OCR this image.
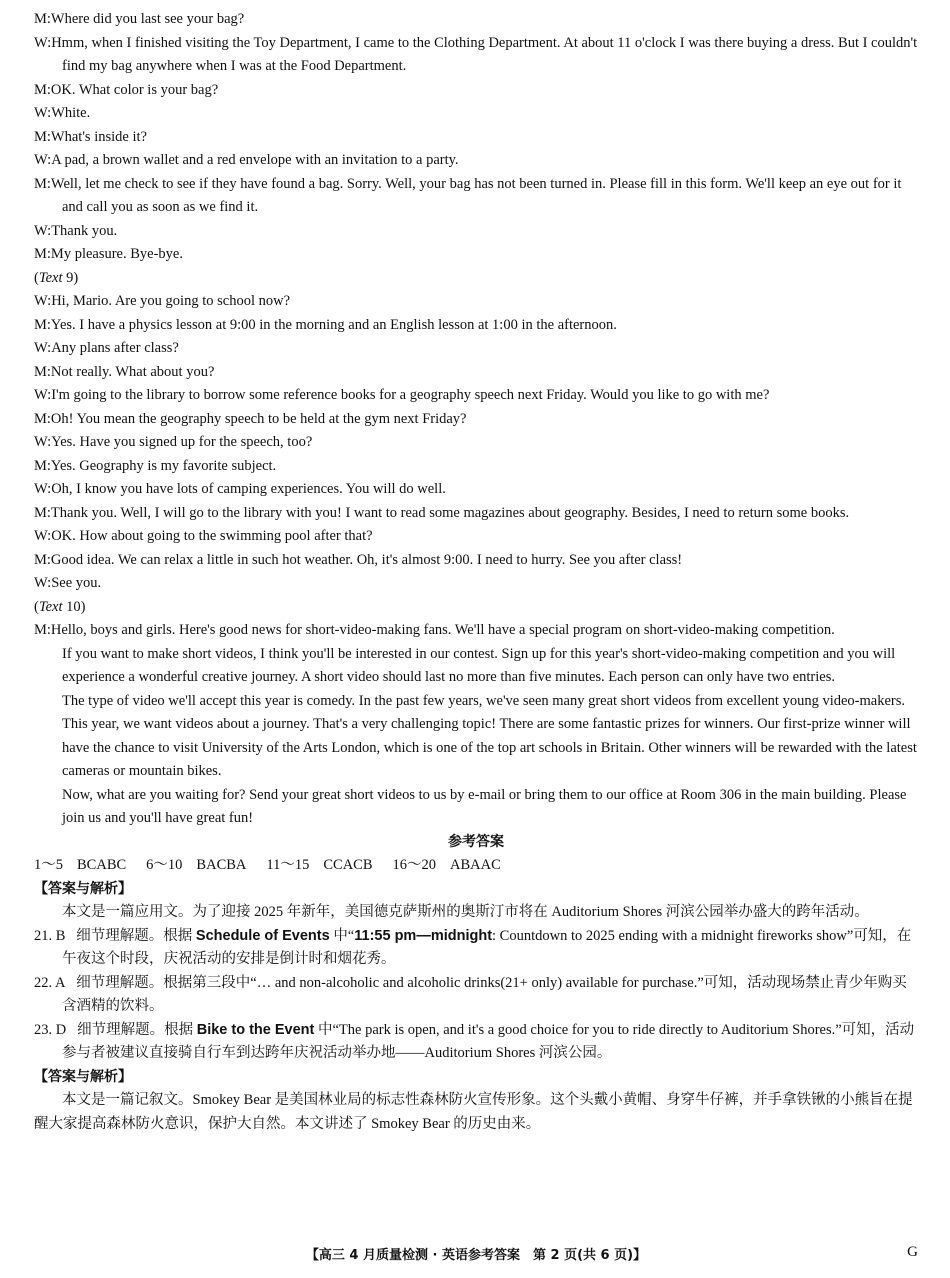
M:Where did you last see your bag?

W:Hmm, when I finished visiting the Toy Department, I came to the Clothing Department. At about 11 o'clock I was there buying a dress. But I couldn't find my bag anywhere when I was at the Food Department.

M:OK. What color is your bag?

W:White.

M:What's inside it?

W:A pad, a brown wallet and a red envelope with an invitation to a party.

M:Well, let me check to see if they have found a bag. Sorry. Well, your bag has not been turned in. Please fill in this form. We'll keep an eye out for it and call you as soon as we find it.

W:Thank you.

M:My pleasure. Bye-bye.

(Text 9)

W:Hi, Mario. Are you going to school now?

M:Yes. I have a physics lesson at 9:00 in the morning and an English lesson at 1:00 in the afternoon.

W:Any plans after class?

M:Not really. What about you?

W:I'm going to the library to borrow some reference books for a geography speech next Friday. Would you like to go with me?

M:Oh! You mean the geography speech to be held at the gym next Friday?

W:Yes. Have you signed up for the speech, too?

M:Yes. Geography is my favorite subject.

W:Oh, I know you have lots of camping experiences. You will do well.

M:Thank you. Well, I will go to the library with you! I want to read some magazines about geography. Besides, I need to return some books.

W:OK. How about going to the swimming pool after that?

M:Good idea. We can relax a little in such hot weather. Oh, it's almost 9:00. I need to hurry. See you after class!

W:See you.

(Text 10)

M:Hello, boys and girls. Here's good news for short-video-making fans. We'll have a special program on short-video-making competition.

If you want to make short videos, I think you'll be interested in our contest. Sign up for this year's short-video-making competition and you will experience a wonderful creative journey. A short video should last no more than five minutes. Each person can only have two entries.

The type of video we'll accept this year is comedy. In the past few years, we've seen many great short videos from excellent young video-makers. This year, we want videos about a journey. That's a very challenging topic! There are some fantastic prizes for winners. Our first-prize winner will have the chance to visit University of the Arts London, which is one of the top art schools in Britain. Other winners will be rewarded with the latest cameras or mountain bikes.

Now, what are you waiting for? Send your great short videos to us by e-mail or bring them to our office at Room 306 in the main building. Please join us and you'll have great fun!

参考答案

1～5 BCABC 6～10 BACBA 11～15 CCACB 16～20 ABAAC

【答案与解析】

本文是一篇应用文。为了迎接 2025 年新年，美国德克萨斯州的奥斯汀市将在 Auditorium Shores 河滨公园举办盛大的跨年活动。

21. B 细节理解题。根据 Schedule of Events 中“11:55 pm—midnight: Countdown to 2025 ending with a midnight fireworks show”可知，在午夜这个时段，庆祝活动的安排是倒计时和烟花秀。

22. A 细节理解题。根据第三段中“… and non-alcoholic and alcoholic drinks(21+ only) available for purchase.”可知，活动现场禁止青少年购买含酒精的饮料。

23. D 细节理解题。根据 Bike to the Event 中“The park is open, and it's a good choice for you to ride directly to Auditorium Shores.”可知，活动参与者被建议直接骑自行车到达跨年庆祝活动举办地——Auditorium Shores 河滨公园。

【答案与解析】

本文是一篇记叙文。Smokey Bear 是美国林业局的标志性森林防火宣传形象。这个头戴小黄帽、身穿牛仔裤，并手拿铁锹的小熊旨在提醒大家提高森林防火意识，保护大自然。本文讲述了 Smokey Bear 的历史由来。

【高三 4 月质量检测 · 英语参考答案　第 2 页(共 6 页)】	G
